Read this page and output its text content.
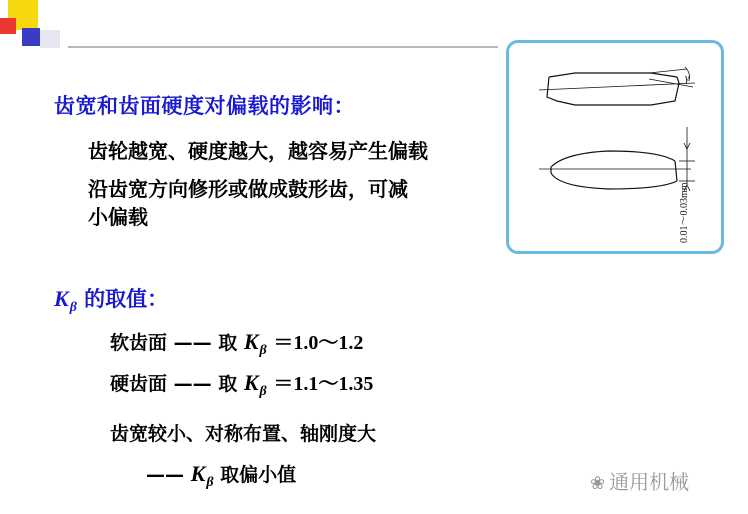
齿宽和齿面硬度对偏载的影响：
齿轮越宽、硬度越大，越容易产生偏载
沿齿宽方向修形或做成鼓形齿，可减
小偏载
$K_\beta$ 的取值：
软齿面 —— 取 $K_\beta$ ＝1.0～1.2
硬齿面 —— 取 $K_\beta$ ＝1.1～1.35
齿宽较小、对称布置、轴刚度大
—— $K_\beta$ 取偏小值
γ
0.01～0.03mm
❀ 通用机械
